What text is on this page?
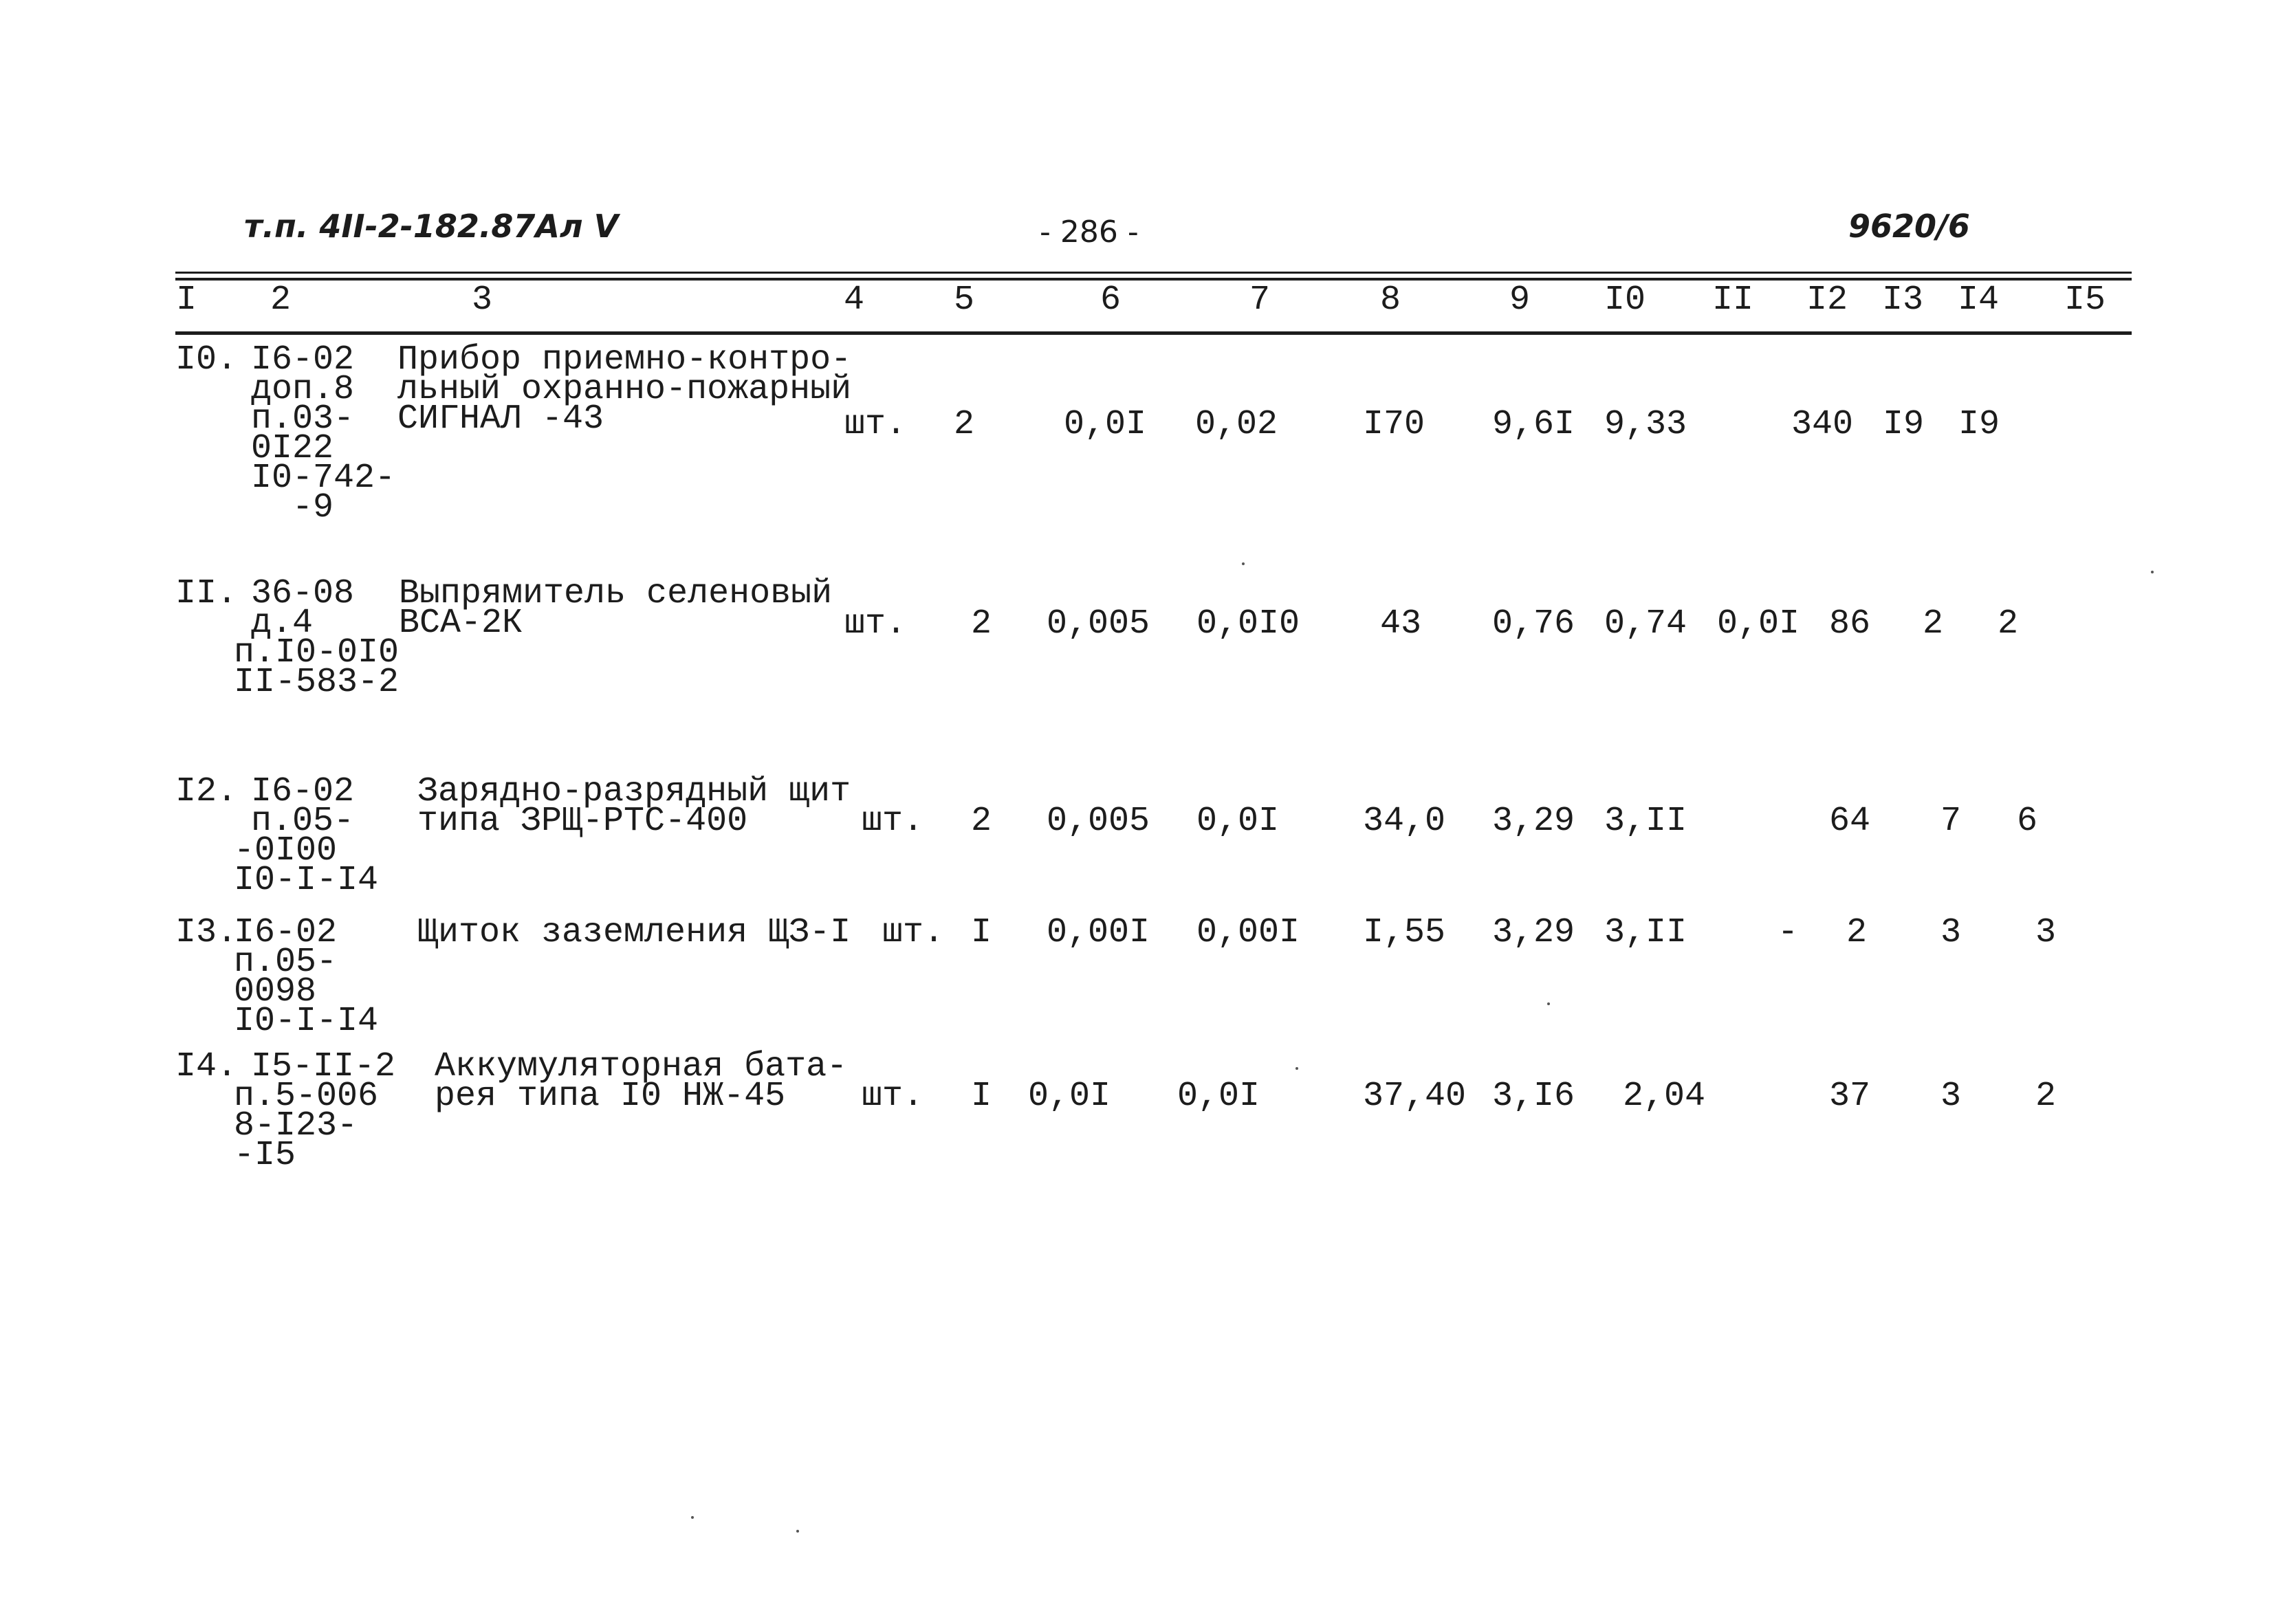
т.п. 4II-2-182.87Ал V	- 286 -	9620/6
I 2	3	4	5	6	7	8	9 I0 II I2 I3 I4 I5
I0. I6-02
доп.8
п.03-
0I22
I0-742-
-9
Прибор приемно-контро-
льный охранно-пожарный
СИГНАЛ -43	шт. 2	0,0I 0,02 I70 9,6I 9,33	340 I9 I9
II. 36-08
д.4
п.I0-0I0
II-583-2
Выпрямитель селеновый
ВСА-2К	шт. 2 0,005 0,0I0 43 0,76 0,74 0,0I 86 2 2
I2. I6-02
п.05-
-0I00
I0-I-I4
Зарядно-разрядный щит
типа ЗРЩ-РТС-400	шт. 2 0,005 0,0I 34,0 3,29 3,II	64 7 6
I3.
I6-02
п.05-
0098
I0-I-I4
Щиток заземления ЩЗ-I шт. I 0,00I 0,00I I,55 3,29 3,II	- 2 3 3
I4. I5-II-2
п.5-006
8-I23-
-I5
Аккумуляторная бата-
рея типа I0 НЖ-45	шт. I 0,0I 0,0I	37,40 3,I6 2,04	37 3 2
